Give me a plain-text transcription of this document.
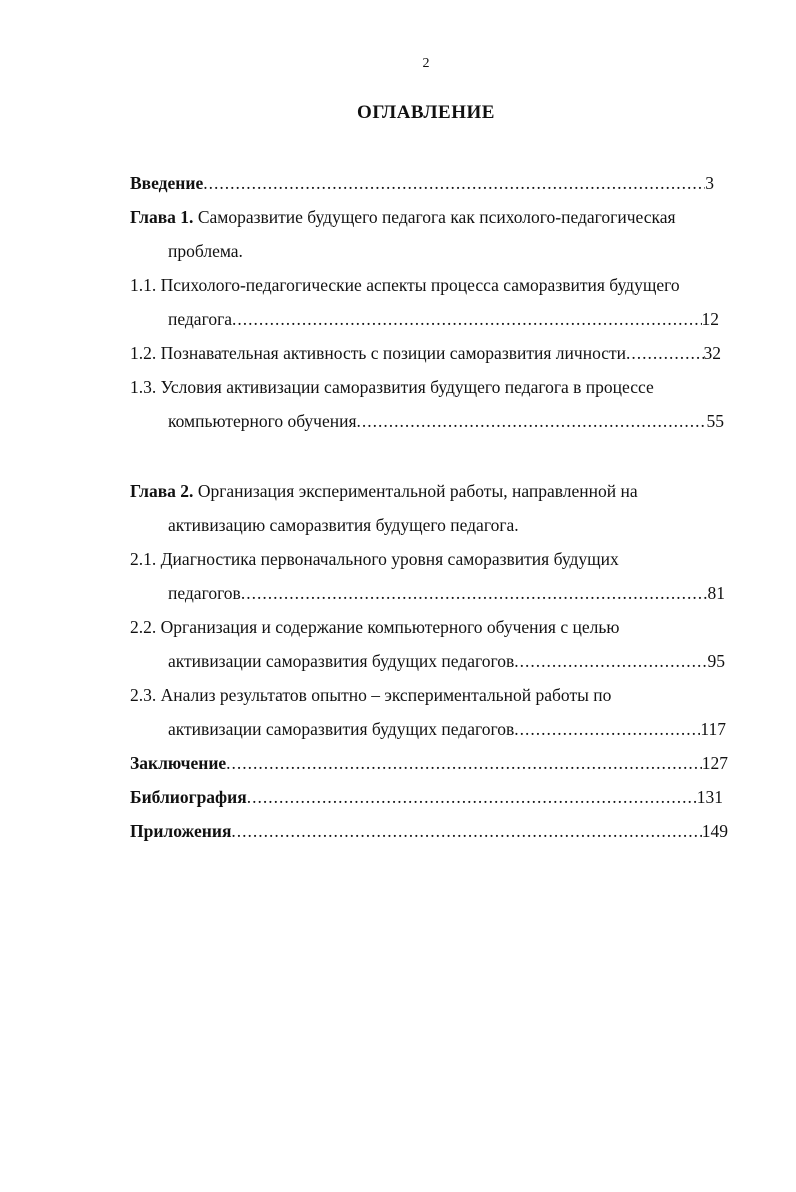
2
ОГЛАВЛЕНИЕ
Введение .....	3
Глава 1. Саморазвитие будущего педагога как психолого-педагогическая
проблема.
1.1. Психолого-педагогические аспекты процесса саморазвития будущего
педагога .....	12
1.2. Познавательная активность с позиции саморазвития личности .....	32
1.3. Условия активизации саморазвития будущего педагога в процессе
компьютерного обучения .....	55
Глава 2. Организация экспериментальной работы, направленной на
активизацию саморазвития будущего педагога.
2.1. Диагностика первоначального уровня саморазвития будущих
педагогов .....	81
2.2. Организация и содержание компьютерного обучения с целью
активизации саморазвития будущих педагогов .....	95
2.3. Анализ результатов опытно – экспериментальной работы по
активизации саморазвития будущих педагогов .....	117
Заключение .....	127
Библиография .....	131
Приложения .....	149
